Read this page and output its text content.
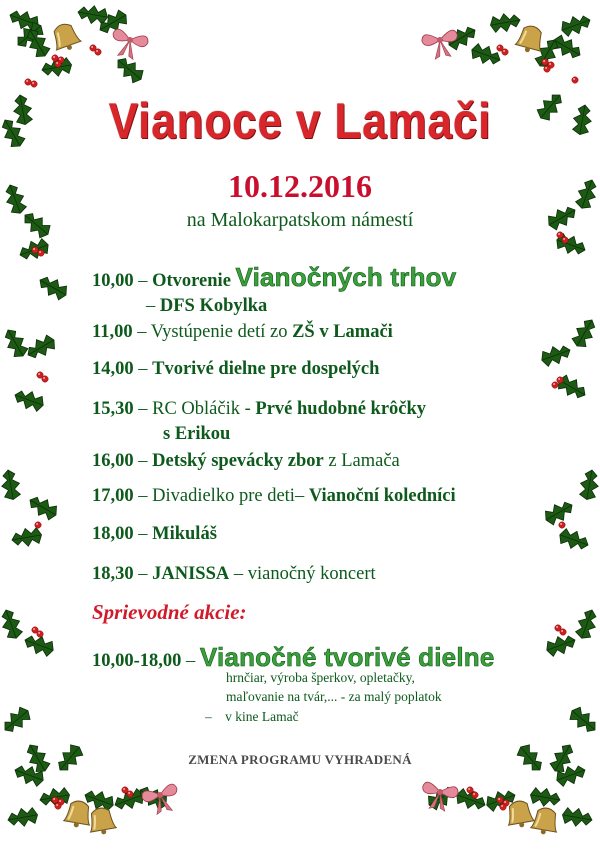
Vianoce v Lamači
10.12.2016
na Malokarpatskom námestí
10,00 – Otvorenie Vianočných trhov
– DFS Kobylka
11,00 – Vystúpenie detí zo ZŠ v Lamači
14,00 – Tvorivé dielne pre dospelých
15,30 – RC Obláčik - Prvé hudobné krôčky
s Erikou
16,00 – Detský spevácky zbor z Lamača
17,00 – Divadielko pre deti– Vianoční koledníci
18,00 – Mikuláš
18,30 – JANISSA – vianočný koncert
Sprievodné akcie:
10,00-18,00 – Vianočné tvorivé dielne
hrnčiar, výroba šperkov, opletačky,
maľovanie na tvár,... - za malý poplatok
– v kine Lamač
ZMENA PROGRAMU VYHRADENÁ
